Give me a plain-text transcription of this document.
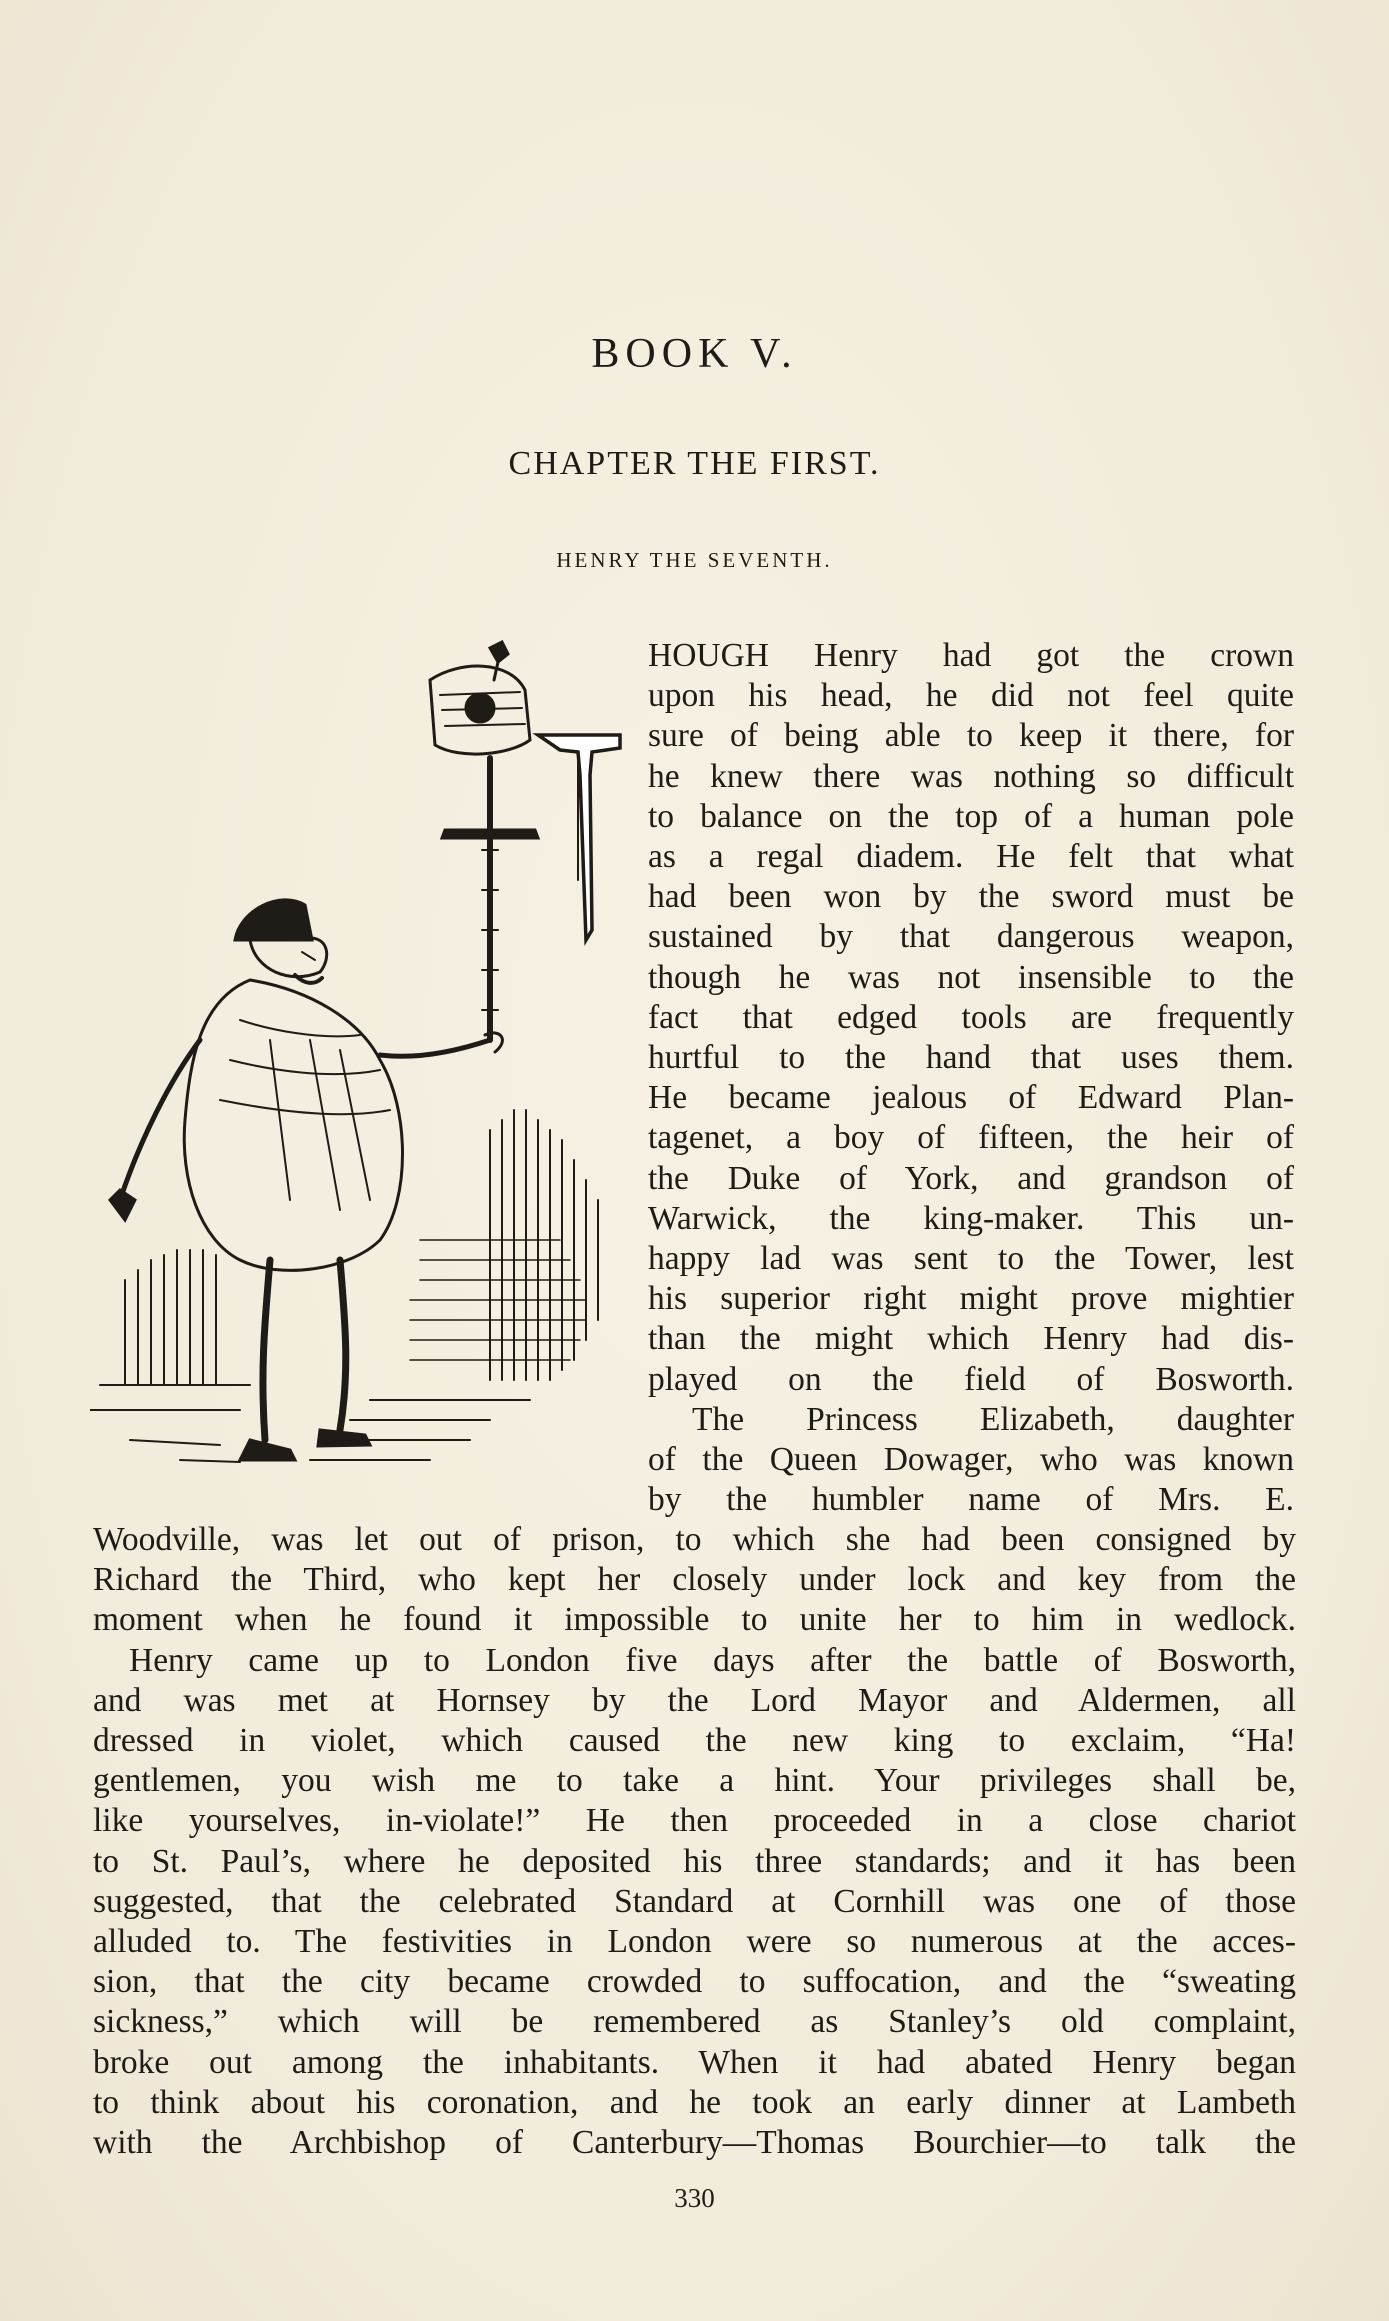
BOOK V.
CHAPTER THE FIRST.
HENRY THE SEVENTH.
HOUGH Henry had got the crown
upon his head, he did not feel quite
sure of being able to keep it there, for
he knew there was nothing so difficult
to balance on the top of a human pole
as a regal diadem. He felt that what
had been won by the sword must be
sustained by that dangerous weapon,
though he was not insensible to the
fact that edged tools are frequently
hurtful to the hand that uses them.
He became jealous of Edward Plan-
tagenet, a boy of fifteen, the heir of
the Duke of York, and grandson of
Warwick, the king-maker. This un-
happy lad was sent to the Tower, lest
his superior right might prove mightier
than the might which Henry had dis-
played on the field of Bosworth.
The Princess Elizabeth, daughter
of the Queen Dowager, who was known
by the humbler name of Mrs. E.
Woodville, was let out of prison, to which she had been consigned by
Richard the Third, who kept her closely under lock and key from the
moment when he found it impossible to unite her to him in wedlock.
Henry came up to London five days after the battle of Bosworth,
and was met at Hornsey by the Lord Mayor and Aldermen, all
dressed in violet, which caused the new king to exclaim, “Ha!
gentlemen, you wish me to take a hint. Your privileges shall be,
like yourselves, in-violate!” He then proceeded in a close chariot
to St. Paul’s, where he deposited his three standards; and it has been
suggested, that the celebrated Standard at Cornhill was one of those
alluded to. The festivities in London were so numerous at the acces-
sion, that the city became crowded to suffocation, and the “sweating
sickness,” which will be remembered as Stanley’s old complaint,
broke out among the inhabitants. When it had abated Henry began
to think about his coronation, and he took an early dinner at Lambeth
with the Archbishop of Canterbury—Thomas Bourchier—to talk the
330
